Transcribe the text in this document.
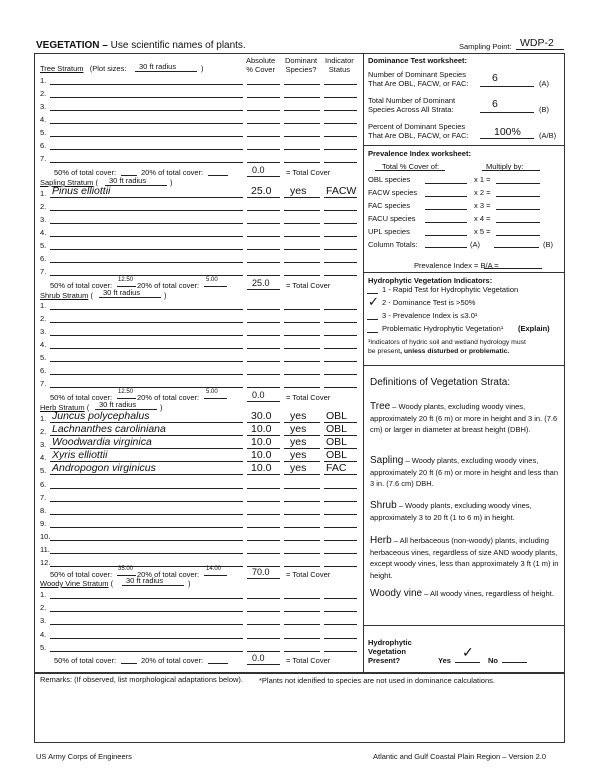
VEGETATION – Use scientific names of plants.	Sampling Point: WDP-2
Absolute
% Cover
Dominant
Species?
Indicator
Status
Tree Stratum (Plot sizes: 30 ft radius	)
1.
2.
3.
4.
5.
6.
7.
50% of total cover:	20% of total cover:	0.0	= Total Cover
Sapling Stratum ( 30 ft radius	)
1. Pinus elliottii	25.0 yes FACW
2.
3.
4.
5.
6.
7.
50% of total cover:
12.50
20% of total cover:
5.00	25.0 = Total Cover
Shrub Stratum ( 30 ft radius	)
1.
2.
3.
4.
5.
6.
7.
50% of total cover:
12.50
20% of total cover:
5.00	0.0	= Total Cover
Herb Stratum ( 30 ft radius	)
1. Juncus polycephalus	30.0 yes OBL
2. Lachnanthes caroliniana	10.0 yes OBL
3. Woodwardia virginica	10.0 yes OBL
4. Xyris elliottii	10.0 yes OBL
5. Andropogon virginicus	10.0 yes FAC
6.
7.
8.
9.
10.
11.
12.
50% of total cover:
35.00
20% of total cover:
14.00	70.0 = Total Cover
Woody Vine Stratum ( 30 ft radius	)
1.
2.
3.
4.
5.
50% of total cover:	20% of total cover:	0.0	= Total Cover
Dominance Test worksheet:
Number of Dominant Species
That Are OBL, FACW, or FAC: 6	(A)
Total Number of Dominant
Species Across All Strata:	6	(B)
Percent of Dominant Species
That Are OBL, FACW, or FAC: 100% (A/B)
Prevalence Index worksheet:
Total % Cover of:	Multiply by:
OBL species	x 1 =
FACW species	x 2 =
FAC species	x 3 =
FACU species	x 4 =
UPL species	x 5 =
Column Totals:	(A)	(B)
Prevalence Index = B/A =
Hydrophytic Vegetation Indicators:
1 - Rapid Test for Hydrophytic Vegetation
✓ 2 - Dominance Test is >50%
3 - Prevalence Index is ≤3.0¹
Problematic Hydrophytic Vegetation¹ (Explain)
¹Indicators of hydric soil and wetland hydrology must
be present, unless disturbed or problematic.
Definitions of Vegetation Strata:
Tree – Woody plants, excluding woody vines, approximately 20 ft (6 m) or more in height and 3 in. (7.6 cm) or larger in diameter at breast height (DBH).
Sapling – Woody plants, excluding woody vines, approximately 20 ft (6 m) or more in height and less than 3 in. (7.6 cm) DBH.
Shrub – Woody plants, excluding woody vines, approximately 3 to 20 ft (1 to 6 m) in height.
Herb – All herbaceous (non-woody) plants, including herbaceous vines, regardless of size AND woody plants, except woody vines, less than approximately 3 ft (1 m) in height.
Woody vine – All woody vines, regardless of height.
Hydrophytic
Vegetation
Present?	Yes
✓
No
Remarks: (If observed, list morphological adaptations below). *Plants not idenified to species are not used in dominance calculations.
US Army Corps of Engineers	Atlantic and Gulf Coastal Plain Region – Version 2.0
